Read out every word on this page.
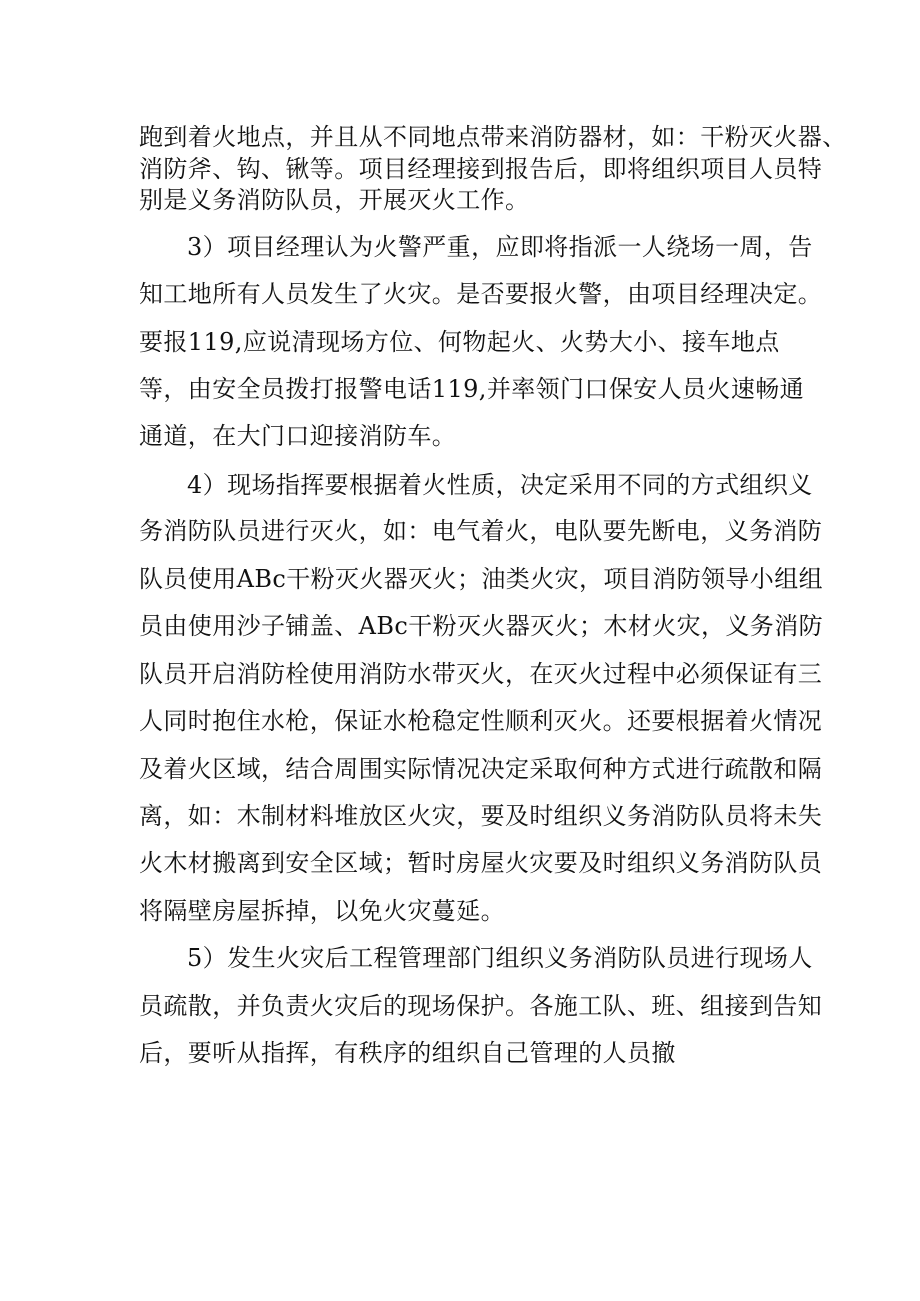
跑到着火地点，并且从不同地点带来消防器材，如：干粉灭火器、

消防斧、钩、锹等。项目经理接到报告后，即将组织项目人员特

别是义务消防队员，开展灭火工作。

3）项目经理认为火警严重，应即将指派一人绕场一周，告

知工地所有人员发生了火灾。是否要报火警，由项目经理决定。

要报119,应说清现场方位、何物起火、火势大小、接车地点

等，由安全员拨打报警电话119,并率领门口保安人员火速畅通

通道，在大门口迎接消防车。

4）现场指挥要根据着火性质，决定采用不同的方式组织义

务消防队员进行灭火，如：电气着火，电队要先断电，义务消防

队员使用ABc干粉灭火器灭火；油类火灾，项目消防领导小组组

员由使用沙子铺盖、ABc干粉灭火器灭火；木材火灾，义务消防

队员开启消防栓使用消防水带灭火，在灭火过程中必须保证有三

人同时抱住水枪，保证水枪稳定性顺利灭火。还要根据着火情况

及着火区域，结合周围实际情况决定采取何种方式进行疏散和隔

离，如：木制材料堆放区火灾，要及时组织义务消防队员将未失

火木材搬离到安全区域；暂时房屋火灾要及时组织义务消防队员

将隔壁房屋拆掉，以免火灾蔓延。

5）发生火灾后工程管理部门组织义务消防队员进行现场人

员疏散，并负责火灾后的现场保护。各施工队、班、组接到告知

后，要听从指挥，有秩序的组织自己管理的人员撤
